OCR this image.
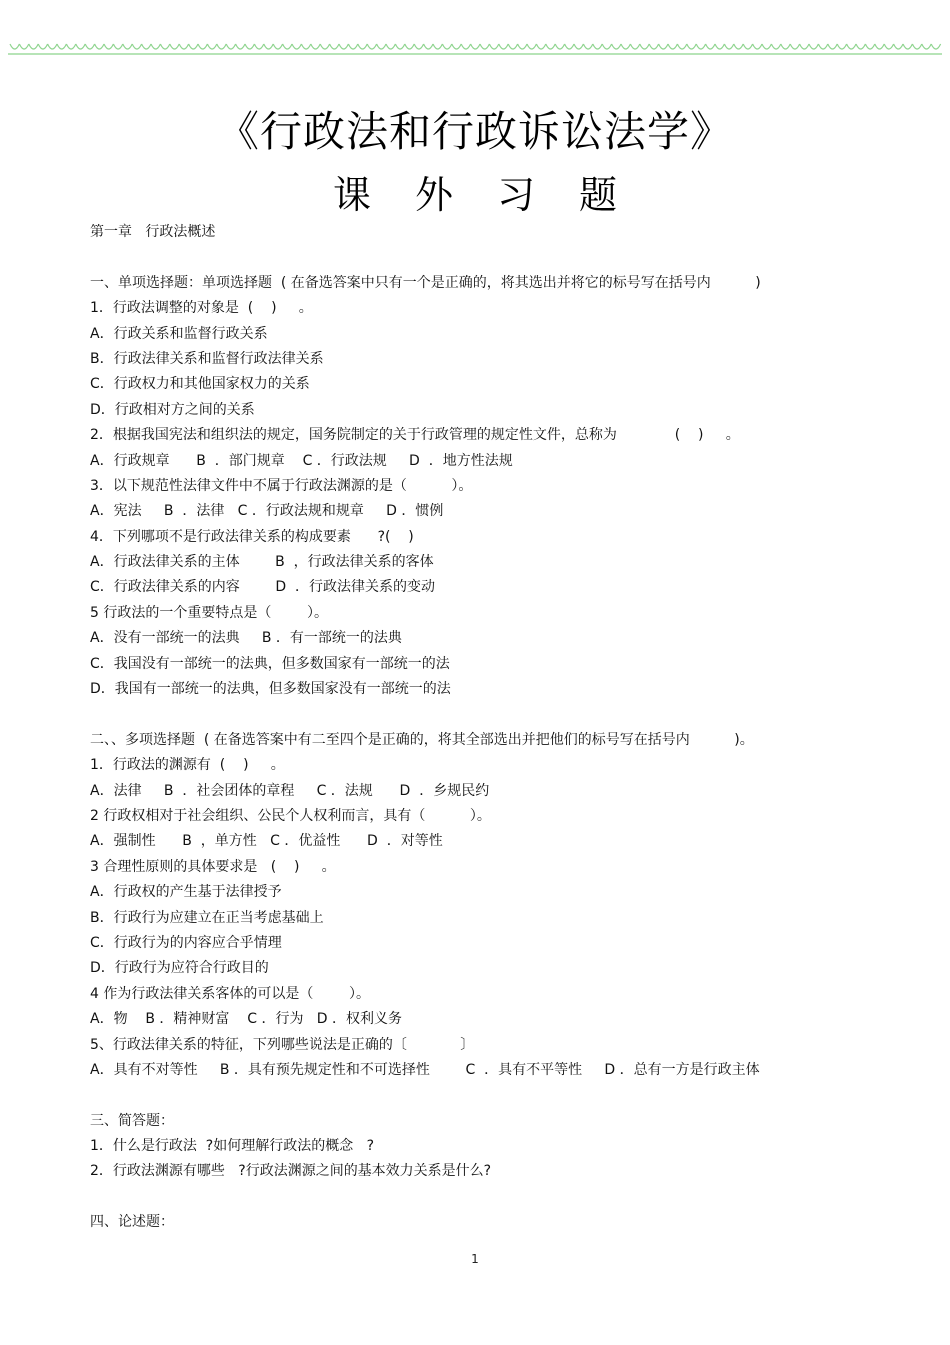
《行政法和行政诉讼法学》
课外习题
第一章   行政法概述
一、单项选择题：单项选择题  ( 在备选答案中只有一个是正确的，将其选出并将它的标号写在括号内          )
1．行政法调整的对象是  (    )     。
A．行政关系和监督行政关系
B．行政法律关系和监督行政法律关系
C．行政权力和其他国家权力的关系
D．行政相对方之间的关系
2．根据我国宪法和组织法的规定，国务院制定的关于行政管理的规定性文件，总称为             (    )     。
A．行政规章      B  ．部门规章    C ．行政法规     D  ．地方性法规
3．以下规范性法律文件中不属于行政法渊源的是（          ）。
A．宪法     B  ．法律   C ．行政法规和规章     D ．惯例
4．下列哪项不是行政法律关系的构成要素      ?(    )
A．行政法律关系的主体        B  ，行政法律关系的客体
C．行政法律关系的内容        D  ．行政法律关系的变动
5 行政法的一个重要特点是（        ）。
A．没有一部统一的法典     B ．有一部统一的法典
C．我国没有一部统一的法典，但多数国家有一部统一的法
D．我国有一部统一的法典，但多数国家没有一部统一的法
二、、多项选择题  ( 在备选答案中有二至四个是正确的，将其全部选出并把他们的标号写在括号内          )。
1．行政法的渊源有  (    )     。
A．法律     B  ．社会团体的章程     C ．法规      D  ．乡规民约
2 行政权相对于社会组织、公民个人权利而言，具有（          ）。
A．强制性      B  ，单方性   C ．优益性      D  ．对等性
3 合理性原则的具体要求是   (    )     。
A．行政权的产生基于法律授予
B．行政行为应建立在正当考虑基础上
C．行政行为的内容应合乎情理
D．行政行为应符合行政目的
4 作为行政法律关系客体的可以是（        ）。
A．物    B ．精神财富    C ．行为   D ．权利义务
5、行政法律关系的特征，下列哪些说法是正确的〔            〕
A．具有不对等性     B ．具有预先规定性和不可选择性        C  ．具有不平等性     D ．总有一方是行政主体
三、简答题：
1．什么是行政法  ?如何理解行政法的概念   ?
2．行政法渊源有哪些   ?行政法渊源之间的基本效力关系是什么?
四、论述题：
1
